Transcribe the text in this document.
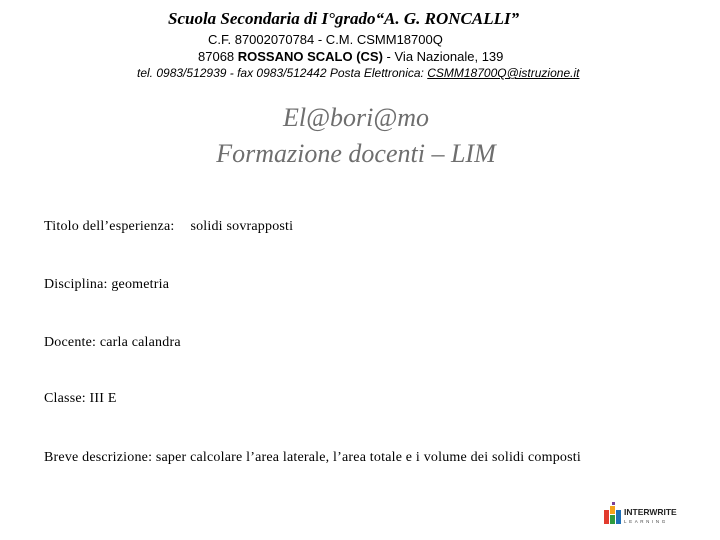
Scuola Secondaria di I°grado“A. G. RONCALLI”
C.F. 87002070784 - C.M. CSMM18700Q
87068 ROSSANO SCALO (CS) - Via Nazionale, 139
tel. 0983/512939 - fax 0983/512442 Posta Elettronica: CSMM18700Q@istruzione.it
El@bori@mo
Formazione docenti – LIM
Titolo dell’esperienza: solidi sovrapposti
Disciplina: geometria
Docente: carla calandra
Classe: III E
Breve descrizione: saper calcolare l’area laterale, l’area totale e i volume dei solidi composti
INTERWRITE
LEARNING
